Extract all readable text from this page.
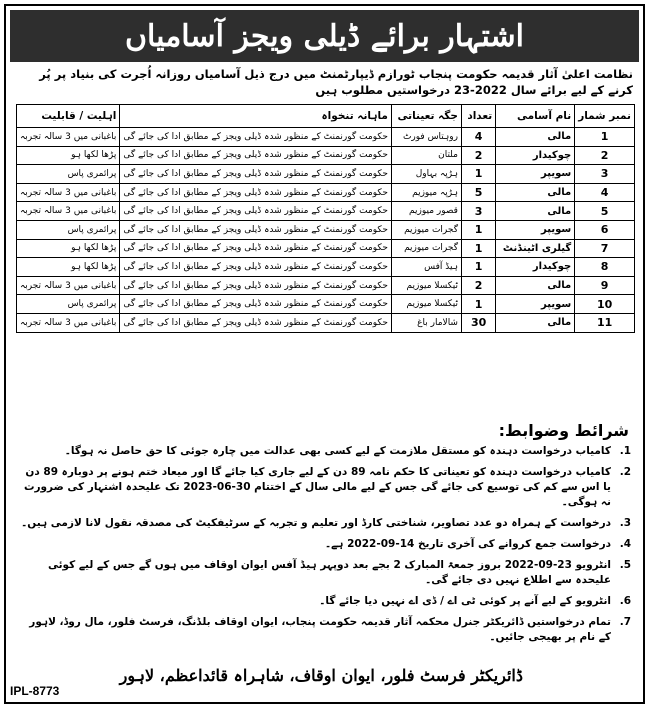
اشتہار برائے ڈیلی ویجز آسامیاں
نظامت اعلیٰ آثار قدیمہ حکومت پنجاب ٹورازم ڈیپارٹمنٹ میں درج ذیل آسامیاں روزانہ اُجرت کی بنیاد پر پُر کرنے کے لیے برائے سال 2022-23 درخواستیں مطلوب ہیں
نمبر شمار	نام آسامی	تعداد	جگہ تعیناتی	ماہانہ تنخواہ	اہلیت / قابلیت
1	مالی	4	روہتاس فورٹ	حکومت گورنمنٹ کے منظور شدہ ڈیلی ویجز کے مطابق ادا کی جائے گی	باغبانی میں 3 سالہ تجربہ
2	چوکیدار	2	ملتان	حکومت گورنمنٹ کے منظور شدہ ڈیلی ویجز کے مطابق ادا کی جائے گی	پڑھا لکھا ہو
3	سویپر	1	ہڑپہ بہاول	حکومت گورنمنٹ کے منظور شدہ ڈیلی ویجز کے مطابق ادا کی جائے گی	پرائمری پاس
4	مالی	5	ہڑپہ میوزیم	حکومت گورنمنٹ کے منظور شدہ ڈیلی ویجز کے مطابق ادا کی جائے گی	باغبانی میں 3 سالہ تجربہ
5	مالی	3	قصور میوزیم	حکومت گورنمنٹ کے منظور شدہ ڈیلی ویجز کے مطابق ادا کی جائے گی	باغبانی میں 3 سالہ تجربہ
6	سویپر	1	گجرات میوزیم	حکومت گورنمنٹ کے منظور شدہ ڈیلی ویجز کے مطابق ادا کی جائے گی	پرائمری پاس
7	گیلری اٹینڈنٹ	1	گجرات میوزیم	حکومت گورنمنٹ کے منظور شدہ ڈیلی ویجز کے مطابق ادا کی جائے گی	پڑھا لکھا ہو
8	چوکیدار	1	ہیڈ آفس	حکومت گورنمنٹ کے منظور شدہ ڈیلی ویجز کے مطابق ادا کی جائے گی	پڑھا لکھا ہو
9	مالی	2	ٹیکسلا میوزیم	حکومت گورنمنٹ کے منظور شدہ ڈیلی ویجز کے مطابق ادا کی جائے گی	باغبانی میں 3 سالہ تجربہ
10	سویپر	1	ٹیکسلا میوزیم	حکومت گورنمنٹ کے منظور شدہ ڈیلی ویجز کے مطابق ادا کی جائے گی	پرائمری پاس
11	مالی	30	شالامار باغ	حکومت گورنمنٹ کے منظور شدہ ڈیلی ویجز کے مطابق ادا کی جائے گی	باغبانی میں 3 سالہ تجربہ
شرائط وضوابط:
1.
کامیاب درخواست دہندہ کو مستقل ملازمت کے لیے کسی بھی عدالت میں چارہ جوئی کا حق حاصل نہ ہوگا۔
2.
کامیاب درخواست دہندہ کو تعیناتی کا حکم نامہ 89 دن کے لیے جاری کیا جائے گا اور میعاد ختم ہونے پر دوبارہ 89 دن یا اس سے کم کی توسیع کی جائے گی جس کے لیے مالی سال کے اختتام 30-06-2023 تک علیحدہ اشتہار کی ضرورت نہ ہوگی۔
3.
درخواست کے ہمراہ دو عدد تصاویر، شناختی کارڈ اور تعلیم و تجربہ کے سرٹیفکیٹ کی مصدقہ نقول لانا لازمی ہیں۔
4.
درخواست جمع کروانے کی آخری تاریخ 14-09-2022 ہے۔
5.
انٹرویو 23-09-2022 بروز جمعۃ المبارک 2 بجے بعد دوپہر ہیڈ آفس ایوان اوقاف میں ہوں گے جس کے لیے کوئی علیحدہ سے اطلاع نہیں دی جائے گی۔
6.
انٹرویو کے لیے آنے پر کوئی ٹی اے / ڈی اے نہیں دیا جائے گا۔
7.
تمام درخواستیں ڈائریکٹر جنرل محکمہ آثار قدیمہ حکومت پنجاب، ایوان اوقاف بلڈنگ، فرسٹ فلور، مال روڈ، لاہور کے نام پر بھیجی جائیں۔
ڈائریکٹر فرسٹ فلور، ایوان اوقاف، شاہراہ قائداعظم، لاہور
IPL-8773
